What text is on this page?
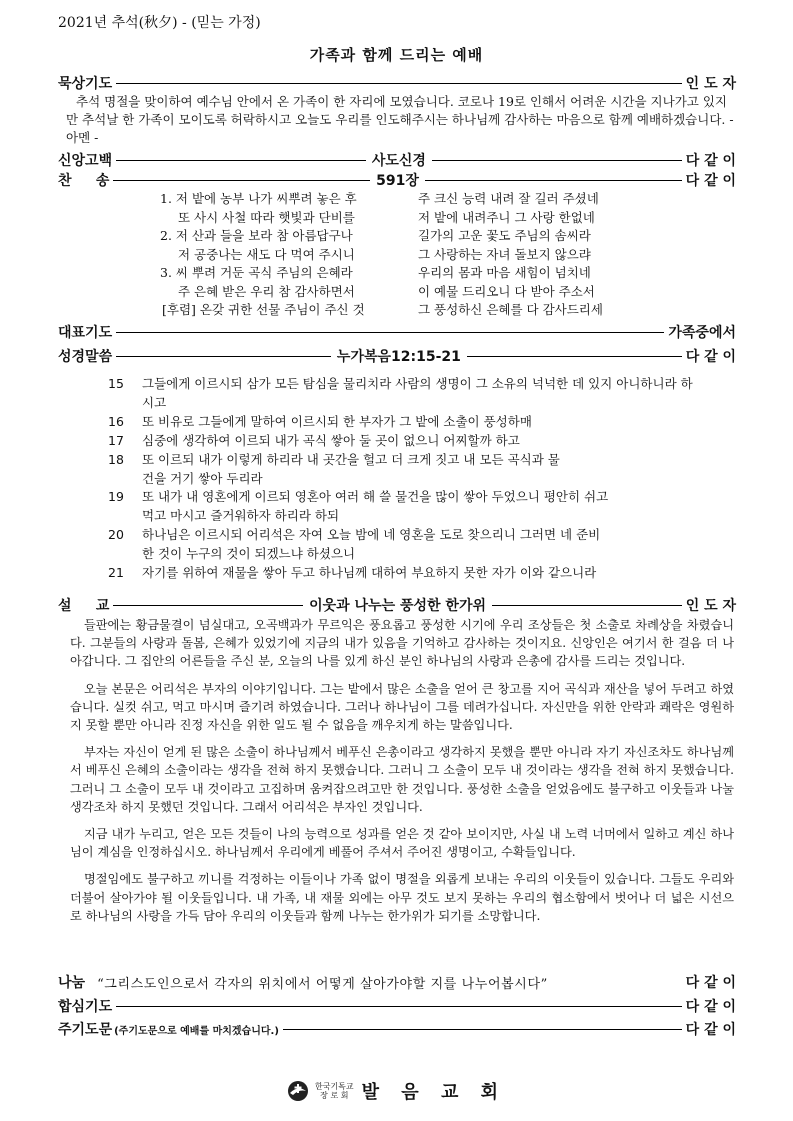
2021년 추석(秋夕) - (믿는 가정)
가족과 함께 드리는 예배
묵상기도	인 도 자
추석 명절을 맞이하여 예수님 안에서 온 가족이 한 자리에 모였습니다. 코로나 19로 인해서 어려운 시간을 지나가고 있지만 추석날 한 가족이 모이도록 허락하시고 오늘도 우리를 인도해주시는 하나님께 감사하는 마음으로 함께 예배하겠습니다. - 아멘 -
신앙고백	사도신경	다 같 이
찬     송	591장	다 같 이
1. 저 밭에 농부 나가 씨뿌려 놓은 후	주 크신 능력 내려 잘 길러 주셨네
또 사시 사철 따라 햇빛과 단비를	저 밭에 내려주니 그 사랑 한없네
2. 저 산과 들을 보라 참 아름답구나	길가의 고운 꽃도 주님의 솜씨라
저 공중나는 새도 다 먹여 주시니	그 사랑하는 자녀 돌보지 않으랴
3. 씨 뿌려 거둔 곡식 주님의 은혜라	우리의 몸과 마음 새힘이 넘치네
주 은혜 받은 우리 참 감사하면서	이 예물 드리오니 다 받아 주소서
[후렴] 온갖 귀한 선물 주님이 주신 것	그 풍성하신 은혜를 다 감사드리세
대표기도	가족중에서
성경말씀	누가복음12:15-21	다 같 이
15	그들에게 이르시되 삼가 모든 탐심을 물리치라 사람의 생명이 그 소유의 넉넉한 데 있지 아니하니라 하시고
16	또 비유로 그들에게 말하여 이르시되 한 부자가 그 밭에 소출이 풍성하매
17	심중에 생각하여 이르되 내가 곡식 쌓아 둘 곳이 없으니 어찌할까 하고
18	또 이르되 내가 이렇게 하리라 내 곳간을 헐고 더 크게 짓고 내 모든 곡식과 물건을 거기 쌓아 두리라
19	또 내가 내 영혼에게 이르되 영혼아 여러 해 쓸 물건을 많이 쌓아 두었으니 평안히 쉬고 먹고 마시고 즐거워하자 하리라 하되
20	하나님은 이르시되 어리석은 자여 오늘 밤에 네 영혼을 도로 찾으리니 그러면 네 준비한 것이 누구의 것이 되겠느냐 하셨으니
21	자기를 위하여 재물을 쌓아 두고 하나님께 대하여 부요하지 못한 자가 이와 같으니라
설     교	이웃과 나누는 풍성한 한가위	인 도 자

들판에는 황금물결이 넘실대고, 오곡백과가 무르익은 풍요롭고 풍성한 시기에 우리 조상들은 첫 소출로 차례상을 차렸습니다. 그분들의 사랑과 돌봄, 은혜가 있었기에 지금의 내가 있음을 기억하고 감사하는 것이지요. 신앙인은 여기서 한 걸음 더 나아갑니다. 그 집안의 어른들을 주신 분, 오늘의 나를 있게 하신 분인 하나님의 사랑과 은총에 감사를 드리는 것입니다.

오늘 본문은 어리석은 부자의 이야기입니다. 그는 밭에서 많은 소출을 얻어 큰 창고를 지어 곡식과 재산을 넣어 두려고 하였습니다. 실컷 쉬고, 먹고 마시며 즐기려 하였습니다. 그러나 하나님이 그를 데려가십니다. 자신만을 위한 안락과 쾌락은 영원하지 못할 뿐만 아니라 진정 자신을 위한 일도 될 수 없음을 깨우치게 하는 말씀입니다.

부자는 자신이 얻게 된 많은 소출이 하나님께서 베푸신 은총이라고 생각하지 못했을 뿐만 아니라 자기 자신조차도 하나님께서 베푸신 은혜의 소출이라는 생각을 전혀 하지 못했습니다. 그러니 그 소출이 모두 내 것이라는 생각을 전혀 하지 못했습니다. 그러니 그 소출이 모두 내 것이라고 고집하며 움켜잡으려고만 한 것입니다. 풍성한 소출을 얻었음에도 불구하고 이웃들과 나눌 생각조차 하지 못했던 것입니다. 그래서 어리석은 부자인 것입니다.

지금 내가 누리고, 얻은 모든 것들이 나의 능력으로 성과를 얻은 것 같아 보이지만, 사실 내 노력 너머에서 일하고 계신 하나님이 계심을 인정하십시오. 하나님께서 우리에게 베풀어 주셔서 주어진 생명이고, 수확들입니다.

명절임에도 불구하고 끼니를 걱정하는 이들이나 가족 없이 명절을 외롭게 보내는 우리의 이웃들이 있습니다. 그들도 우리와 더불어 살아가야 될 이웃들입니다. 내 가족, 내 재물 외에는 아무 것도 보지 못하는 우리의 협소함에서 벗어나 더 넓은 시선으로 하나님의 사랑을 가득 담아 우리의 이웃들과 함께 나누는 한가위가 되기를 소망합니다.

나눔 “그리스도인으로서 각자의 위치에서 어떻게 살아가야할 지를 나누어봅시다”	다 같 이
합심기도	다 같 이
주기도문 (주기도문으로 예배를 마치겠습니다.)	다 같 이
한국기독교
장 로 회 발 음 교 회
